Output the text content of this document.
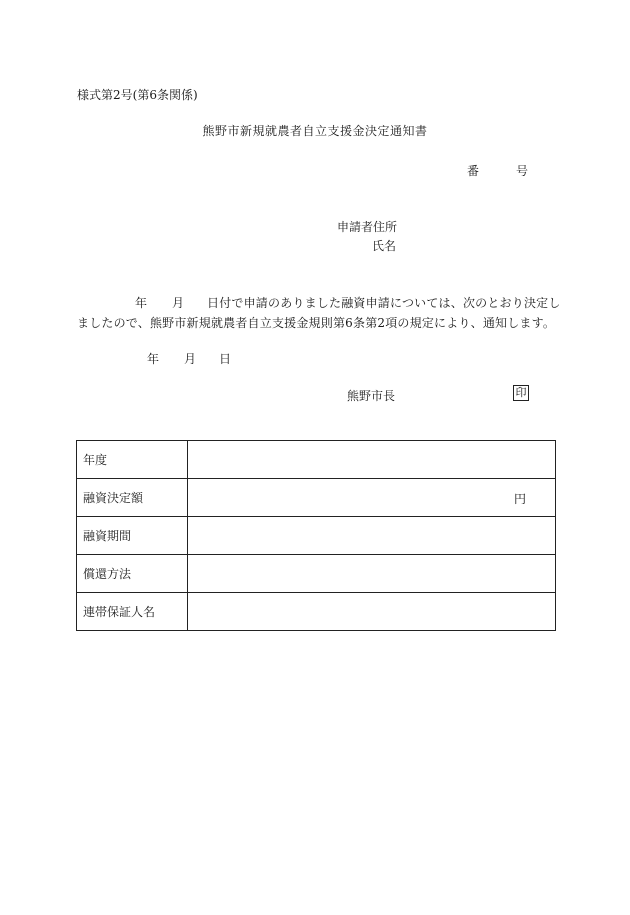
様式第2号(第6条関係)
熊野市新規就農者自立支援金決定通知書
番	号
申請者住所
氏名
年 月 日付で申請のありました融資申請については、次のとおり決定し
ましたので、熊野市新規就農者自立支援金規則第6条第2項の規定により、通知します。
年 月 日
熊野市長	印
年度	
融資決定額	円

融資期間	
償還方法	
連帯保証人名	
